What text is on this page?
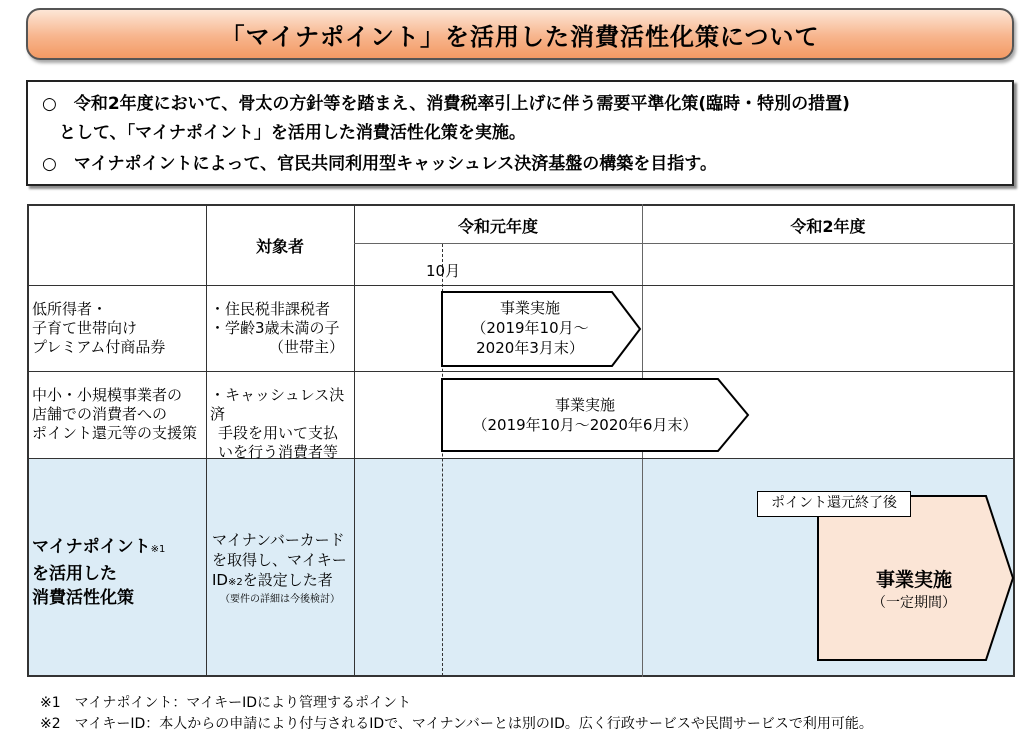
「マイナポイント」を活用した消費活性化策について
○　令和2年度において、骨太の方針等を踏まえ、消費税率引上げに伴う需要平準化策(臨時・特別の措置)
　として、「マイナポイント」を活用した消費活性化策を実施。
○　マイナポイントによって、官民共同利用型キャッシュレス決済基盤の構築を目指す。
対象者
令和元年度	令和2年度
10月
低所得者・
子育て世帯向け
プレミアム付商品券
・住民税非課税者
・学齢3歳未満の子
（世帯主）
事業実施
（2019年10月～
2020年3月末）
中小・小規模事業者の
店舗での消費者への
ポイント還元等の支援策
・キャッシュレス決済
手段を用いて支払
いを行う消費者等
事業実施
（2019年10月～2020年6月末）
マイナポイント※1
を活用した
消費活性化策
マイナンバーカード
を取得し、マイキー
ID※2を設定した者
（要件の詳細は今後検討）
ポイント還元終了後
事業実施
（一定期間）
※1　マイナポイント：マイキーIDにより管理するポイント
※2　マイキーID：本人からの申請により付与されるIDで、マイナンバーとは別のID。広く行政サービスや民間サービスで利用可能。
